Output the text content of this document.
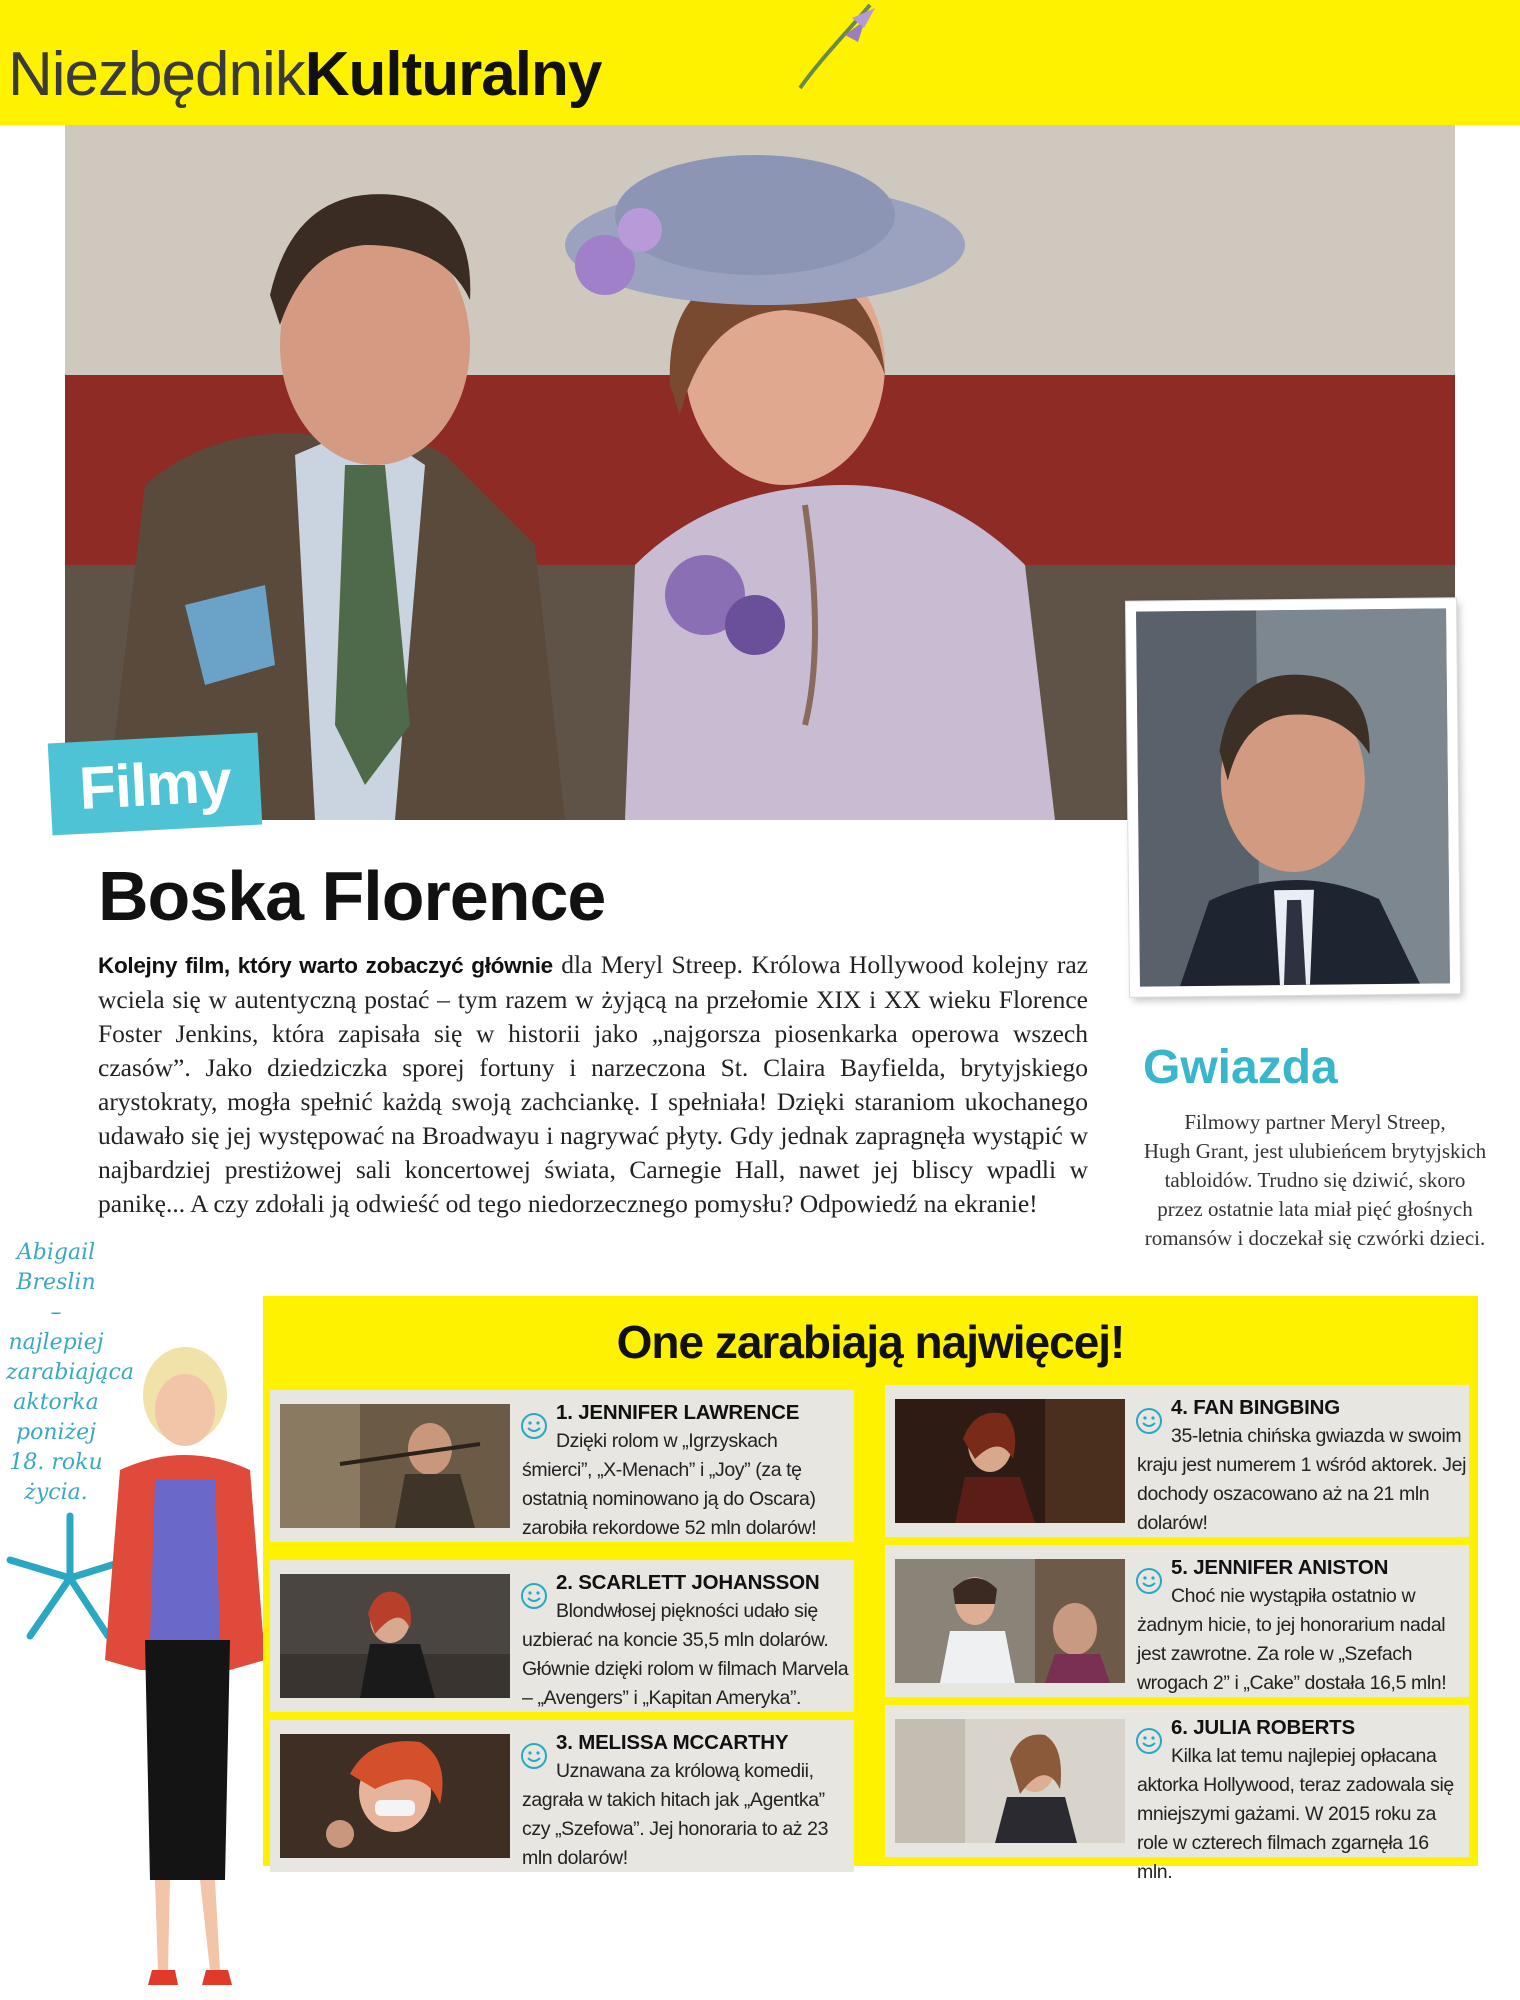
NiezbędnikKulturalny
Filmy
Boska Florence

Kolejny film, który warto zobaczyć głównie dla Meryl Streep. Królowa Hollywood kolejny raz wciela się w autentyczną postać – tym razem w żyjącą na przełomie XIX i XX wieku Florence Foster Jenkins, która zapisała się w historii jako „najgorsza piosenkarka operowa wszech czasów”. Jako dziedziczka sporej fortuny i narzeczona St. Claira Bayfielda, brytyjskiego arystokraty, mogła spełnić każdą swoją zachciankę. I spełniała! Dzięki staraniom ukochanego udawało się jej występować na Broadwayu i nagrywać płyty. Gdy jednak zapragnęła wystąpić w najbardziej prestiżowej sali koncertowej świata, Carnegie Hall, nawet jej bliscy wpadli w panikę... A czy zdołali ją odwieść od tego niedorzecznego pomysłu? Odpowiedź na ekranie!

Gwiazda
Filmowy partner Meryl Streep,
Hugh Grant, jest ulubieńcem brytyjskich
tabloidów. Trudno się dziwić, skoro
przez ostatnie lata miał pięć głośnych
romansów i doczekał się czwórki dzieci.
Abigail
Breslin
– najlepiej
zarabiająca
aktorka
poniżej
18. roku
życia.
One zarabiają najwięcej!
1. JENNIFER LAWRENCE
Dzięki rolom w „Igrzyskach śmierci”, „X-Menach” i „Joy” (za tę ostatnią nominowano ją do Oscara) zarobiła rekordowe 52 mln dolarów!
4. FAN BINGBING
35-letnia chińska gwiazda w swoim kraju jest numerem 1 wśród aktorek. Jej dochody oszacowano aż na 21 mln dolarów!
2. SCARLETT JOHANSSON
Blondwłosej piękności udało się uzbierać na koncie 35,5 mln dolarów. Głównie dzięki rolom w filmach Marvela – „Avengers” i „Kapitan Ameryka”.
5. JENNIFER ANISTON
Choć nie wystąpiła ostatnio w żadnym hicie, to jej honorarium nadal jest zawrotne. Za role w „Szefach wrogach 2” i „Cake” dostała 16,5 mln!
3. MELISSA MCCARTHY
Uznawana za królową komedii, zagrała w takich hitach jak „Agentka” czy „Szefowa”. Jej honoraria to aż 23 mln dolarów!
6. JULIA ROBERTS
Kilka lat temu najlepiej opłacana aktorka Hollywood, teraz zadowala się mniejszymi gażami. W 2015 roku za role w czterech filmach zgarnęła 16 mln.
